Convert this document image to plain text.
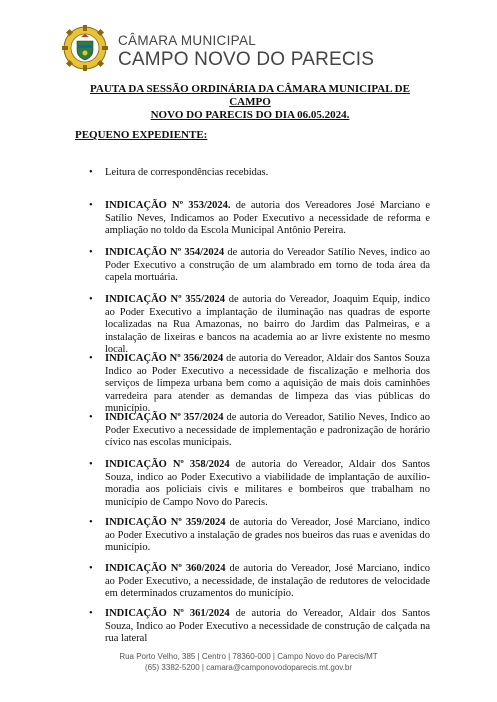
CÂMARA MUNICIPAL
CAMPO NOVO DO PARECIS
PAUTA DA SESSÃO ORDINÁRIA DA CÂMARA MUNICIPAL DE CAMPO
NOVO DO PARECIS DO DIA 06.05.2024.
PEQUENO EXPEDIENTE:
• Leitura de correspondências recebidas.
• INDICAÇÃO Nº 353/2024. de autoria dos Vereadores José Marciano e Satílio Neves, Indicamos ao Poder Executivo a necessidade de reforma e ampliação no toldo da Escola Municipal Antônio Pereira.
• INDICAÇÃO Nº 354/2024 de autoria do Vereador Satílio Neves, indico ao Poder Executivo a construção de um alambrado em torno de toda área da capela mortuária.
• INDICAÇÃO Nº 355/2024 de autoria do Vereador, Joaquim Equip, indico ao Poder Executivo a implantação de iluminação nas quadras de esporte localizadas na Rua Amazonas, no bairro do Jardim das Palmeiras, e a instalação de lixeiras e bancos na academia ao ar livre existente no mesmo local.
• INDICAÇÃO Nº 356/2024 de autoria do Vereador, Aldair dos Santos Souza Indico ao Poder Executivo a necessidade de fiscalização e melhoria dos serviços de limpeza urbana bem como a aquisição de mais dois caminhões varredeira para atender as demandas de limpeza das vias públicas do município.
• INDICAÇÃO Nº 357/2024 de autoria do Vereador, Satilio Neves, Indico ao Poder Executivo a necessidade de implementação e padronização de horário cívico nas escolas municipais.
• INDICAÇÃO Nº 358/2024 de autoria do Vereador, Aldair dos Santos Souza, indico ao Poder Executivo a viabilidade de implantação de auxílio-moradia aos policiais civis e militares e bombeiros que trabalham no município de Campo Novo do Parecis.
• INDICAÇÃO Nº 359/2024 de autoria do Vereador, José Marciano, indico ao Poder Executivo a instalação de grades nos bueiros das ruas e avenidas do município.
• INDICAÇÃO Nº 360/2024 de autoria do Vereador, José Marciano, indico ao Poder Executivo, a necessidade, de instalação de redutores de velocidade em determinados cruzamentos do município.
• INDICAÇÃO Nº 361/2024 de autoria do Vereador, Aldair dos Santos Souza, Indico ao Poder Executivo a necessidade de construção de calçada na rua lateral
Rua Porto Velho, 385 | Centro | 78360-000 | Campo Novo do Parecis/MT
(65) 3382-5200 | camara@camponovodoparecis.mt.gov.br
